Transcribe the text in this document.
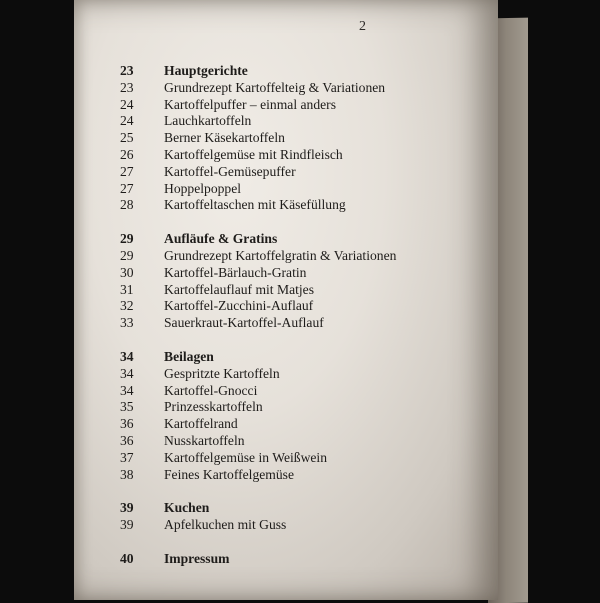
2
23	Hauptgerichte
23	Grundrezept Kartoffelteig & Variationen
24	Kartoffelpuffer – einmal anders
24	Lauchkartoffeln
25	Berner Käsekartoffeln
26	Kartoffelgemüse mit Rindfleisch
27	Kartoffel-Gemüsepuffer
27	Hoppelpoppel
28	Kartoffeltaschen mit Käsefüllung
29	Aufläufe & Gratins
29	Grundrezept Kartoffelgratin & Variationen
30	Kartoffel-Bärlauch-Gratin
31	Kartoffelauflauf mit Matjes
32	Kartoffel-Zucchini-Auflauf
33	Sauerkraut-Kartoffel-Auflauf
34	Beilagen
34	Gespritzte Kartoffeln
34	Kartoffel-Gnocci
35	Prinzesskartoffeln
36	Kartoffelrand
36	Nusskartoffeln
37	Kartoffelgemüse in Weißwein
38	Feines Kartoffelgemüse
39	Kuchen
39	Apfelkuchen mit Guss
40	Impressum
